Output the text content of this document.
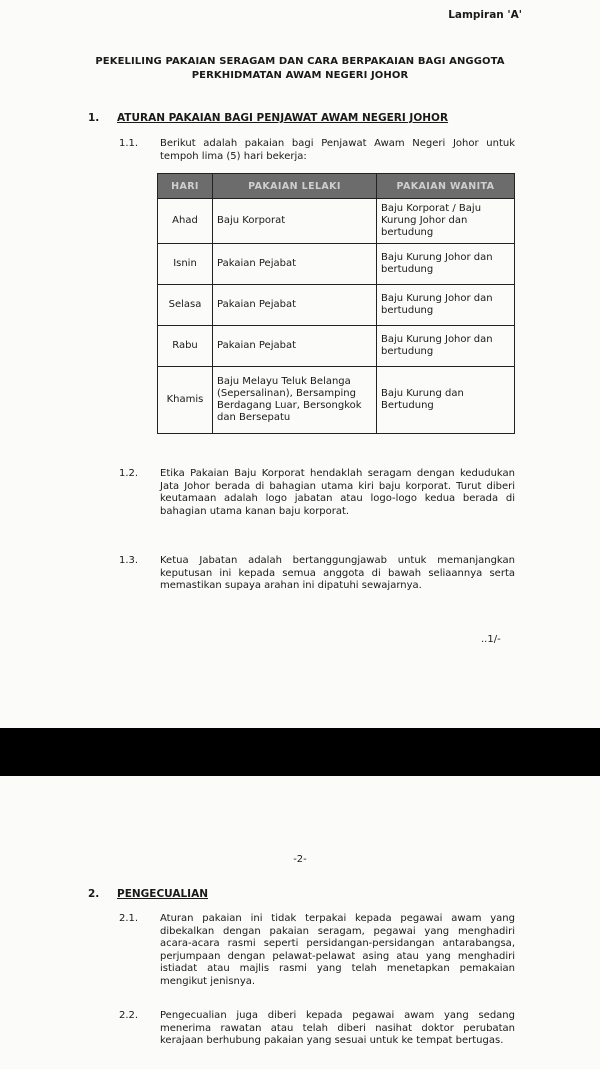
Lampiran 'A'
PEKELILING PAKAIAN SERAGAM DAN CARA BERPAKAIAN BAGI ANGGOTA
PERKHIDMATAN AWAM NEGERI JOHOR
1. ATURAN PAKAIAN BAGI PENJAWAT AWAM NEGERI JOHOR
1.1. Berikut adalah pakaian bagi Penjawat Awam Negeri Johor untuk tempoh lima (5) hari bekerja:
HARI	PAKAIAN LELAKI	PAKAIAN WANITA
Ahad	Baju Korporat	Baju Korporat / Baju Kurung Johor dan bertudung
Isnin	Pakaian Pejabat	Baju Kurung Johor dan bertudung
Selasa	Pakaian Pejabat	Baju Kurung Johor dan bertudung
Rabu	Pakaian Pejabat	Baju Kurung Johor dan bertudung
Khamis	Baju Melayu Teluk Belanga (Sepersalinan), Bersamping Berdagang Luar, Bersongkok dan Bersepatu	Baju Kurung dan Bertudung
1.2. Etika Pakaian Baju Korporat hendaklah seragam dengan kedudukan Jata Johor berada di bahagian utama kiri baju korporat. Turut diberi keutamaan adalah logo jabatan atau logo-logo kedua berada di bahagian utama kanan baju korporat.
1.3. Ketua Jabatan adalah bertanggungjawab untuk memanjangkan keputusan ini kepada semua anggota di bawah seliaannya serta memastikan supaya arahan ini dipatuhi sewajarnya.
..1/-
-2-
2. PENGECUALIAN
2.1. Aturan pakaian ini tidak terpakai kepada pegawai awam yang dibekalkan dengan pakaian seragam, pegawai yang menghadiri acara-acara rasmi seperti persidangan-persidangan antarabangsa, perjumpaan dengan pelawat-pelawat asing atau yang menghadiri istiadat atau majlis rasmi yang telah menetapkan pemakaian mengikut jenisnya.
2.2. Pengecualian juga diberi kepada pegawai awam yang sedang menerima rawatan atau telah diberi nasihat doktor perubatan kerajaan berhubung pakaian yang sesuai untuk ke tempat bertugas.
